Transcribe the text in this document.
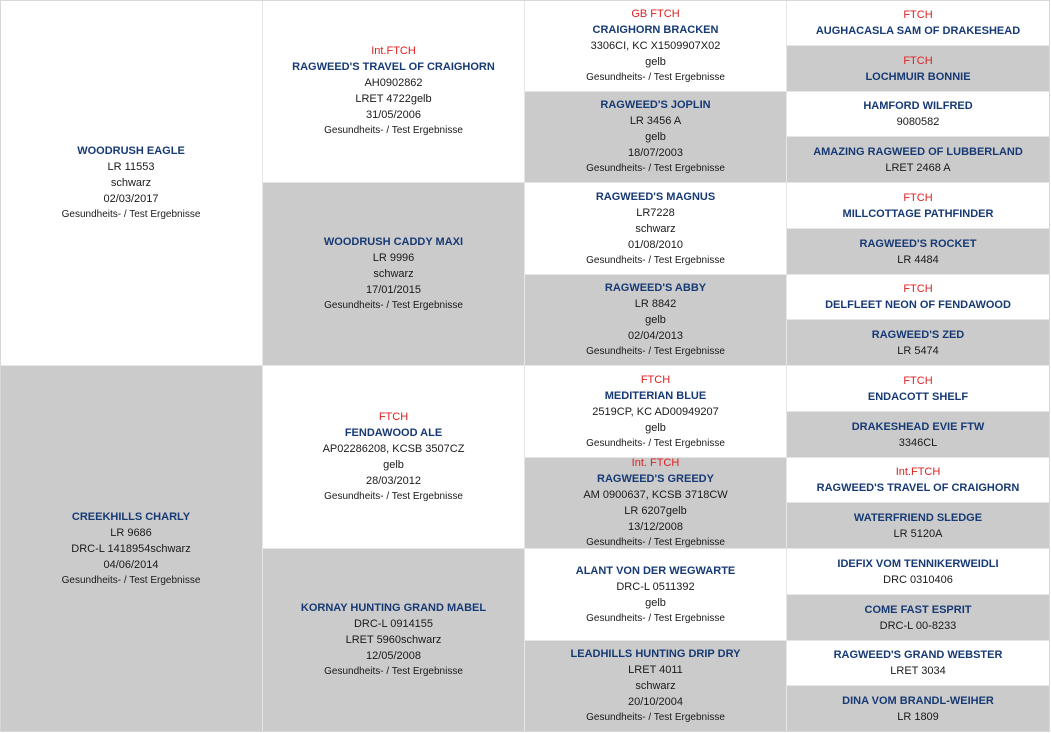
WOODRUSH EAGLE
LR 11553
schwarz
02/03/2017
Gesundheits- / Test Ergebnisse
CREEKHILLS CHARLY
LR 9686
DRC-L 1418954schwarz
04/06/2014
Gesundheits- / Test Ergebnisse
Int.FTCH
RAGWEED'S TRAVEL OF CRAIGHORN
AH0902862
LRET 4722gelb
31/05/2006
Gesundheits- / Test Ergebnisse
WOODRUSH CADDY MAXI
LR 9996
schwarz
17/01/2015
Gesundheits- / Test Ergebnisse
FTCH
FENDAWOOD ALE
AP02286208, KCSB 3507CZ
gelb
28/03/2012
Gesundheits- / Test Ergebnisse
KORNAY HUNTING GRAND MABEL
DRC-L 0914155
LRET 5960schwarz
12/05/2008
Gesundheits- / Test Ergebnisse
GB FTCH
CRAIGHORN BRACKEN
3306CI, KC X1509907X02
gelb
Gesundheits- / Test Ergebnisse
RAGWEED'S JOPLIN
LR 3456 A
gelb
18/07/2003
Gesundheits- / Test Ergebnisse
RAGWEED'S MAGNUS
LR7228
schwarz
01/08/2010
Gesundheits- / Test Ergebnisse
RAGWEED'S ABBY
LR 8842
gelb
02/04/2013
Gesundheits- / Test Ergebnisse
FTCH
MEDITERIAN BLUE
2519CP, KC AD00949207
gelb
Gesundheits- / Test Ergebnisse
Int. FTCH
RAGWEED'S GREEDY
AM 0900637, KCSB 3718CW
LR 6207gelb
13/12/2008
Gesundheits- / Test Ergebnisse
ALANT VON DER WEGWARTE
DRC-L 0511392
gelb
Gesundheits- / Test Ergebnisse
LEADHILLS HUNTING DRIP DRY
LRET 4011
schwarz
20/10/2004
Gesundheits- / Test Ergebnisse
FTCH
AUGHACASLA SAM OF DRAKESHEAD
FTCH
LOCHMUIR BONNIE
HAMFORD WILFRED
9080582
AMAZING RAGWEED OF LUBBERLAND
LRET 2468 A
FTCH
MILLCOTTAGE PATHFINDER
RAGWEED'S ROCKET
LR 4484
FTCH
DELFLEET NEON OF FENDAWOOD
RAGWEED'S ZED
LR 5474
FTCH
ENDACOTT SHELF
DRAKESHEAD EVIE FTW
3346CL
Int.FTCH
RAGWEED'S TRAVEL OF CRAIGHORN
WATERFRIEND SLEDGE
LR 5120A
IDEFIX VOM TENNIKERWEIDLI
DRC 0310406
COME FAST ESPRIT
DRC-L 00-8233
RAGWEED'S GRAND WEBSTER
LRET 3034
DINA VOM BRANDL-WEIHER
LR 1809
